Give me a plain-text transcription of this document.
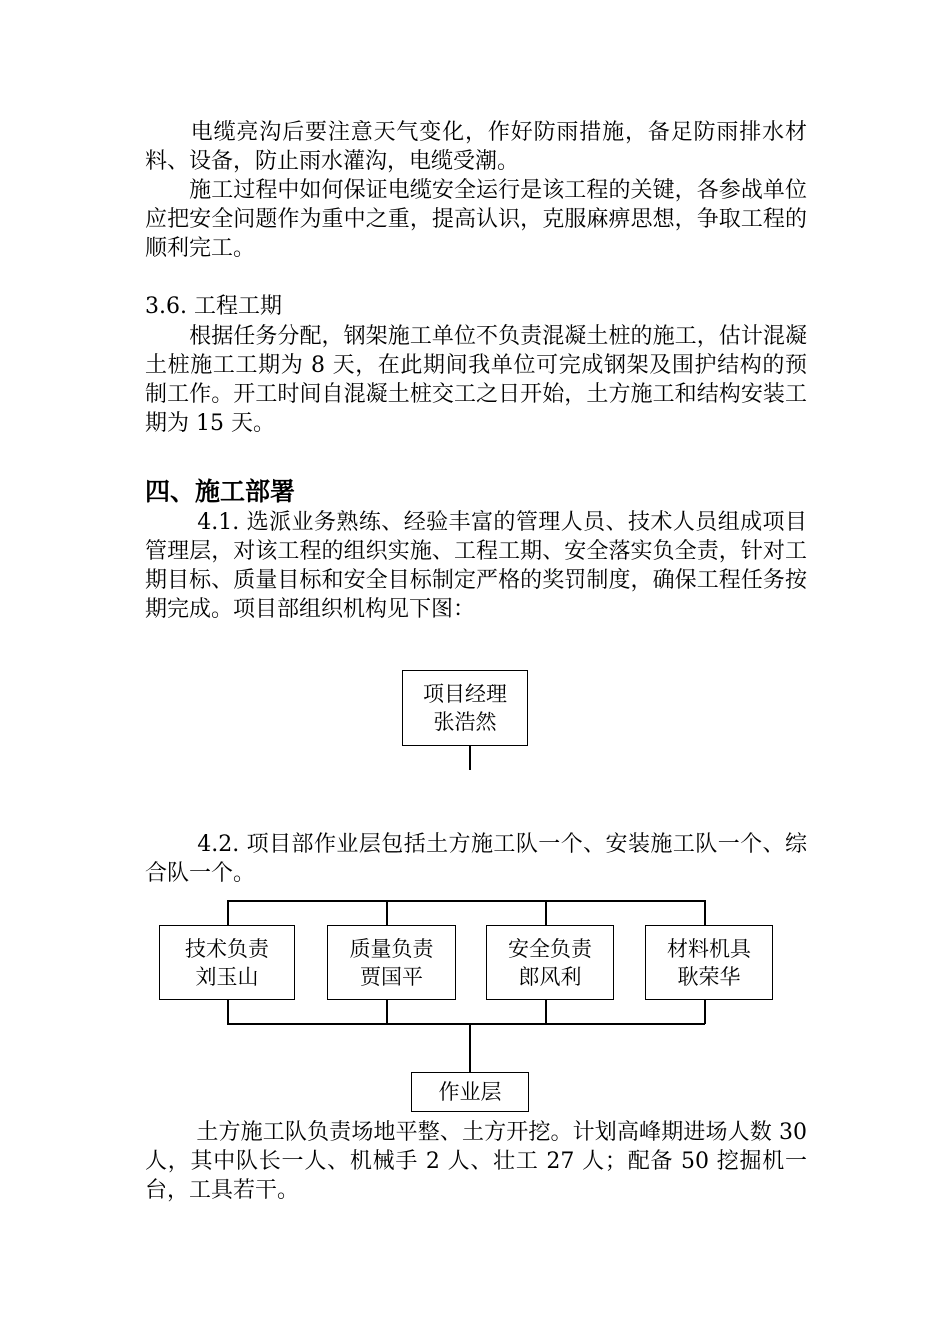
　　电缆亮沟后要注意天气变化，作好防雨措施，备足防雨排水材料、设备，防止雨水灌沟，电缆受潮。

　　施工过程中如何保证电缆安全运行是该工程的关键，各参战单位应把安全问题作为重中之重，提高认识，克服麻痹思想，争取工程的顺利完工。

3.6. 工程工期

　　根据任务分配，钢架施工单位不负责混凝土桩的施工，估计混凝土桩施工工期为 8 天，在此期间我单位可完成钢架及围护结构的预制工作。开工时间自混凝土桩交工之日开始，土方施工和结构安装工期为 15 天。

四、施工部署

　　 4.1. 选派业务熟练、经验丰富的管理人员、技术人员组成项目管理层，对该工程的组织实施、工程工期、安全落实负全责，针对工期目标、质量目标和安全目标制定严格的奖罚制度，确保工程任务按期完成。项目部组织机构见下图：

项目经理
张浩然

　　 4.2. 项目部作业层包括土方施工队一个、安装施工队一个、综合队一个。

技术负责
刘玉山
质量负责
贾国平
安全负责
郎风利
材料机具
耿荣华
作业层

　　 土方施工队负责场地平整、土方开挖。计划高峰期进场人数 30 人，其中队长一人、机械手 2 人、壮工 27 人；配备 50 挖掘机一台，工具若干。
